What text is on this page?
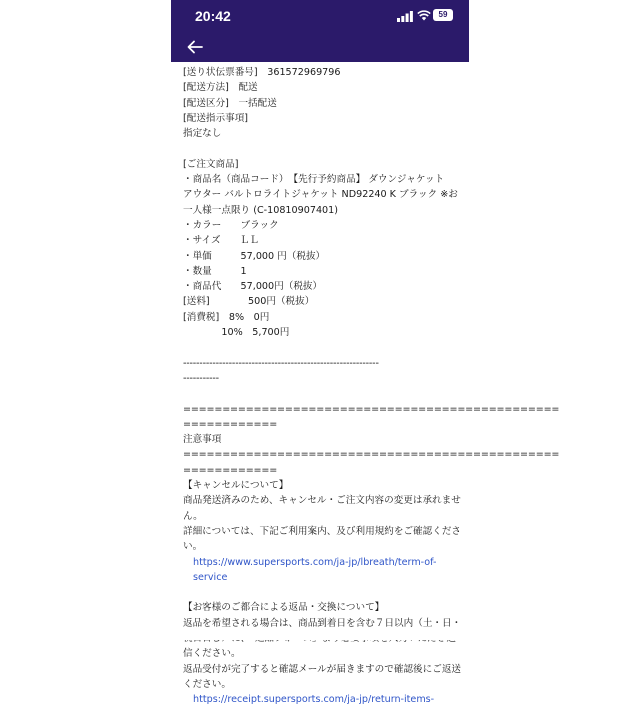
20:42	59
[送り状伝票番号]　361572969796
[配送方法]　配送
[配送区分]　一括配送
[配送指示事項]
指定なし
[ご注文商品]
・商品名（商品コード）　【先行予約商品】 ダウンジャケット
アウター バルトロライトジャケット ND92240 K ブラック ※お
一人様一点限り (C-10810907401)
・カラー　　ブラック
・サイズ　　ＬＬ
・単価　　　57,000 円（税抜）
・数量　　　1
・商品代　　57,000円（税抜）
[送料]　　　　500円（税抜）
[消費税]　8%　0円
　　　　10%　5,700円
------------------------------------------------------------
-----------
================================================
============
注意事項
================================================
============
【キャンセルについて】
商品発送済みのため、キャンセル・ご注文内容の変更は承れませ
ん。
詳細については、下記ご利用案内、及び利用規約をご確認くださ
い。
https://www.supersports.com/ja-jp/lbreath/term-of-
service
【お客様のご都合による返品・交換について】
返品を希望される場合は、商品到着日を含む７日以内（土・日・
信ください。
返品受付が完了すると確認メールが届きますので確認後にご返送
ください。
https://receipt.supersports.com/ja-jp/return-items-
